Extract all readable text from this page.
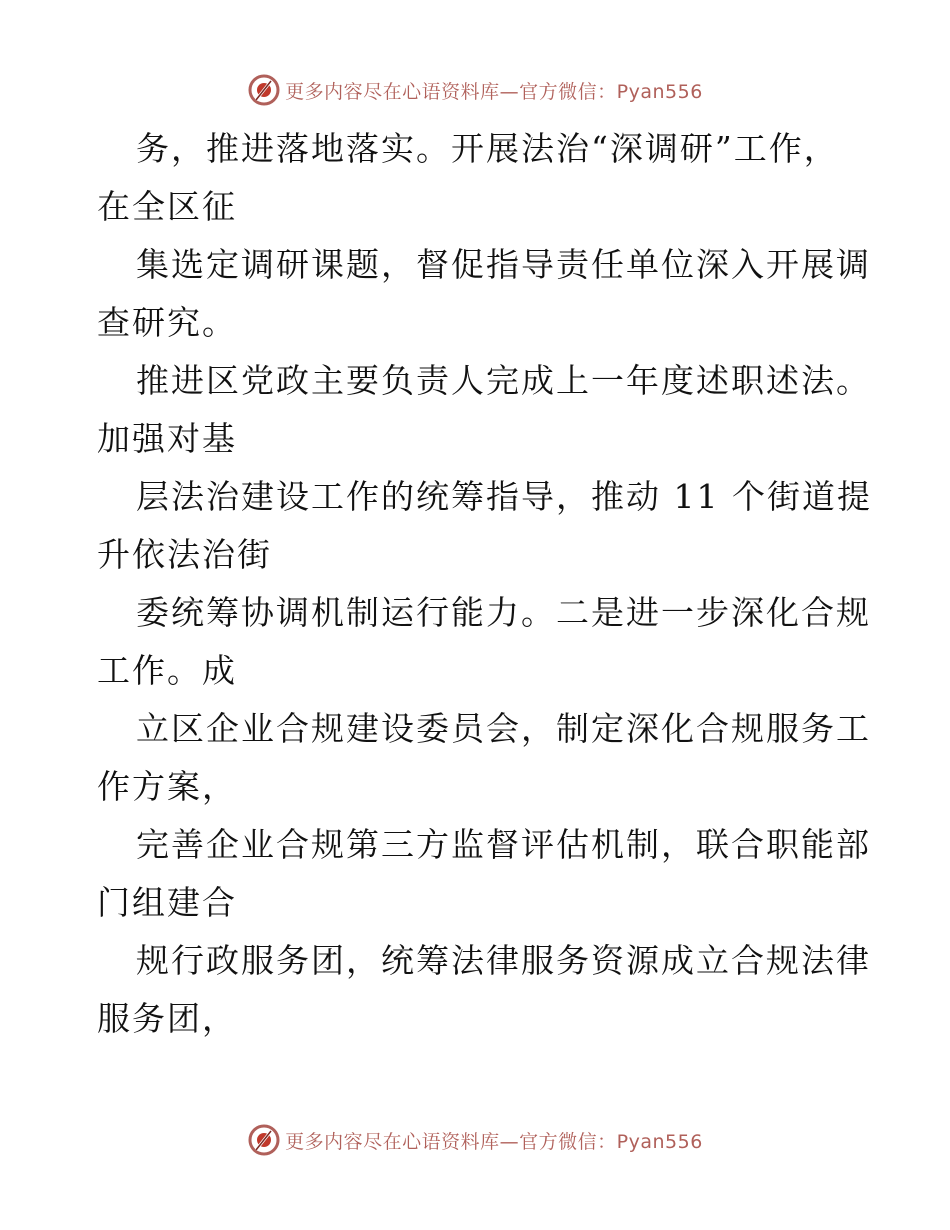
更多内容尽在心语资料库—官方微信：Pyan556
务，推进落地落实。开展法治“深调研”工作，
在全区征
集选定调研课题，督促指导责任单位深入开展调
查研究。
推进区党政主要负责人完成上一年度述职述法。
加强对基
层法治建设工作的统筹指导，推动 11 个街道提
升依法治街
委统筹协调机制运行能力。二是进一步深化合规
工作。成
立区企业合规建设委员会，制定深化合规服务工
作方案，
完善企业合规第三方监督评估机制，联合职能部
门组建合
规行政服务团，统筹法律服务资源成立合规法律
服务团，
更多内容尽在心语资料库—官方微信：Pyan556
